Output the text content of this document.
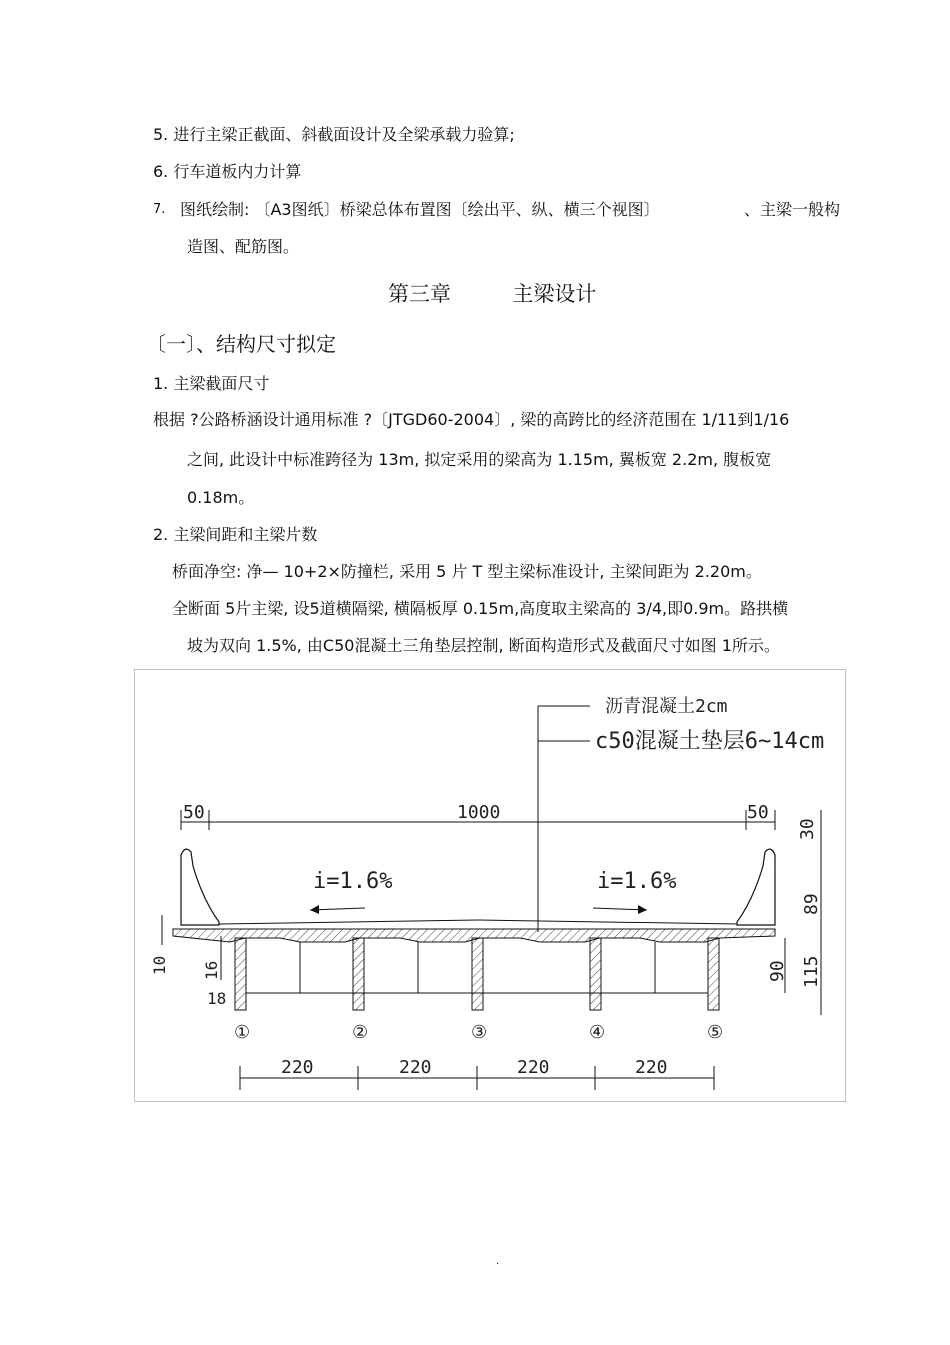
5. 进行主梁正截面、斜截面设计及全梁承载力验算;
6. 行车道板内力计算
7. 图纸绘制: 〔A3图纸〕桥梁总体布置图〔绘出平、纵、横三个视图〕	、主梁一般构
造图、配筋图。
第三章	主梁设计
〔一〕、结构尺寸拟定
1. 主梁截面尺寸
根据 ?公路桥涵设计通用标准 ?〔JTGD60-2004〕, 梁的高跨比的经济范围在 1/11到1/16
之间, 此设计中标准跨径为 13m, 拟定采用的梁高为 1.15m, 翼板宽 2.2m, 腹板宽
0.18m。
2. 主梁间距和主梁片数
桥面净空: 净— 10+2×防撞栏, 采用 5 片 T 型主梁标准设计, 主梁间距为 2.20m。
全断面 5片主梁, 设5道横隔梁, 横隔板厚 0.15m,高度取主梁高的 3/4,即0.9m。路拱横
坡为双向 1.5%, 由C50混凝土三角垫层控制, 断面构造形式及截面尺寸如图 1所示。
沥青混凝土2cm
c50混凝土垫层6~14cm
50	1000	50
i=1.6%	i=1.6%
10 16
18
30
89
90 115
①	②	③	④	⑤
220	220	220	220
.
